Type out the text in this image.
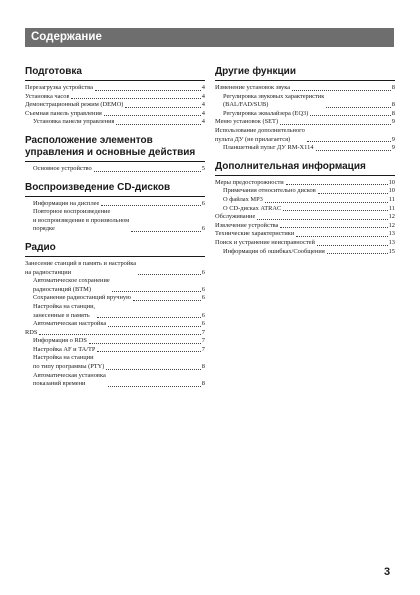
Содержание
Подготовка
Перезагрузка устройства	4
Установка часов	4
Демонстрационный режим (DEMO)	4
Съемная панель управления	4
Установка панели управления	4
Расположение элементов управления и основные действия
Основное устройство	5
Воспроизведение CD-дисков
Информация на дисплее	6
Повторное воспроизведение
и воспроизведение в произвольном
порядке	6
Радио
Занесение станций в память и настройка
на радиостанции	6
Автоматическое сохранение
радиостанций (BTM)	6
Сохранение радиостанций вручную	6
Настройка на станции,
занесенные в память	6
Автоматическая настройка	6
RDS	7
Информация о RDS	7
Настройка AF и TA/TP	7
Настройка на станции
по типу программы (PTY)	8
Автоматическая установка
показаний времени	8
Другие функции
Изменение установок звука	8
Регулировка звуковых характеристик
(BAL/FAD/SUB)	8
Регулировка эквалайзера (EQ3)	8
Меню установок (SET)	9
Использование дополнительного
пульта ДУ (не прилагается)	9
Планшетный пульт ДУ RM-X114	9
Дополнительная информация
Меры предосторожности	10
Примечания относительно дисков	10
О файлах MP3	11
О CD-дисках ATRAC	11
Обслуживание	12
Извлечение устройства	12
Технические характеристики	13
Поиск и устранение неисправностей	13
Информация об ошибках/Сообщения	15
3
